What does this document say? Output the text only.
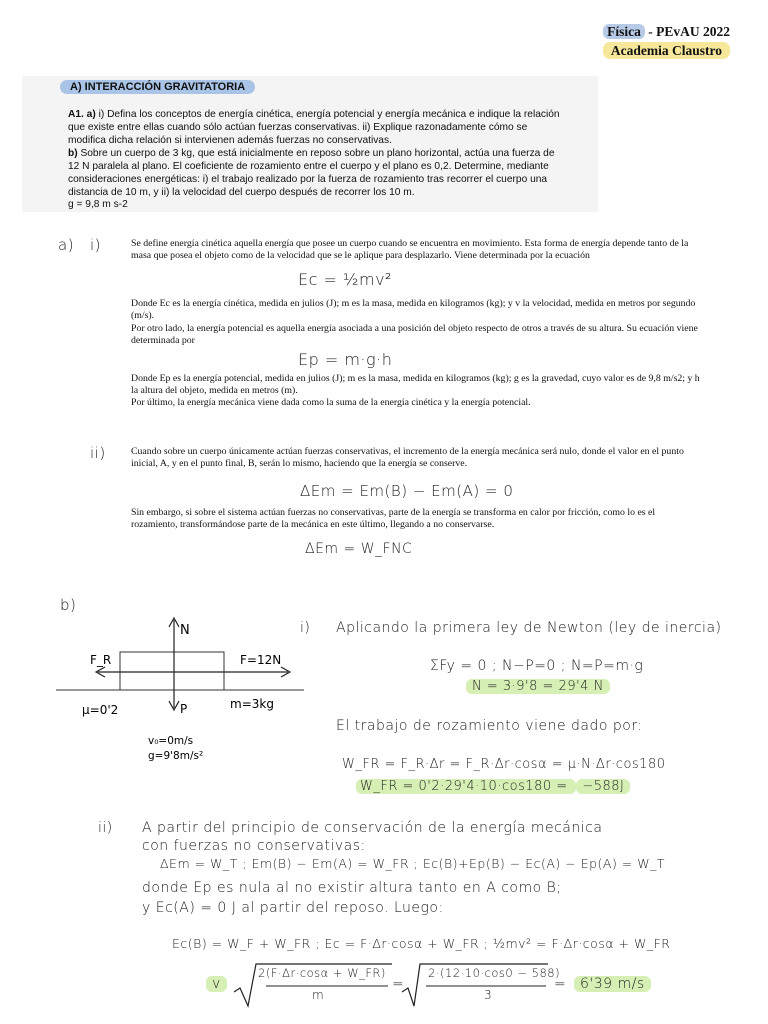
Física - PEvAU 2022
Academia Claustro
A) INTERACCIÓN GRAVITATORIA
A1. a) i) Defina los conceptos de energía cinética, energía potencial y energía mecánica e indique la relación que existe entre ellas cuando sólo actúan fuerzas conservativas. ii) Explique razonadamente cómo se modifica dicha relación si intervienen además fuerzas no conservativas.
b) Sobre un cuerpo de 3 kg, que está inicialmente en reposo sobre un plano horizontal, actúa una fuerza de 12 N paralela al plano. El coeficiente de rozamiento entre el cuerpo y el plano es 0,2. Determine, mediante consideraciones energéticas: i) el trabajo realizado por la fuerza de rozamiento tras recorrer el cuerpo una distancia de 10 m, y ii) la velocidad del cuerpo después de recorrer los 10 m.
g = 9,8 m s-2
a) i)	Se define energía cinética aquella energía que posee un cuerpo cuando se encuentra en movimiento. Esta forma de energía depende tanto de la masa que posea el objeto como de la velocidad que se le aplique para desplazarlo. Viene determinada por la ecuación
Ec = ½mv²
Donde Ec es la energía cinética, medida en julios (J); m es la masa, medida en kilogramos (kg); y v la velocidad, medida en metros por segundo (m/s).
Por otro lado, la energía potencial es aquella energía asociada a una posición del objeto respecto de otros a través de su altura. Su ecuación viene determinada por
Ep = m·g·h
Donde Ep es la energía potencial, medida en julios (J); m es la masa, medida en kilogramos (kg); g es la gravedad, cuyo valor es de 9,8 m/s2; y h la altura del objeto, medida en metros (m).
Por último, la energía mecánica viene dada como la suma de la energía cinética y la energía potencial.
ii)	Cuando sobre un cuerpo únicamente actúan fuerzas conservativas, el incremento de la energía mecánica será nulo, donde el valor en el punto inicial, A, y en el punto final, B, serán lo mismo, haciendo que la energía se conserve.
ΔEm = Em(B) − Em(A) = 0
Sin embargo, si sobre el sistema actúan fuerzas no conservativas, parte de la energía se transforma en calor por fricción, como lo es el rozamiento, transformándose parte de la mecánica en este último, llegando a no conservarse.
ΔEm = W_FNC
b)
N
F_R	F=12N
P
μ=0'2	m=3kg
v₀=0m/s
g=9'8m/s²
i) Aplicando la primera ley de Newton (ley de inercia)
ΣFy = 0 ; N−P=0 ; N=P=m·g
N = 3·9'8 = 29'4 N
El trabajo de rozamiento viene dado por:
W_FR = F_R·Δr = F_R·Δr·cosα = μ·N·Δr·cos180
W_FR = 0'2·29'4·10·cos180 = −588J
ii) A partir del principio de conservación de la energía mecánica
con fuerzas no conservativas:
ΔEm = W_T ; Em(B) − Em(A) = W_FR ; Ec(B)+Ep(B) − Ec(A) − Ep(A) = W_T
donde Ep es nula al no existir altura tanto en A como B;
y Ec(A) = 0 J al partir del reposo. Luego:
Ec(B) = W_F + W_FR ; Ec = F·Δr·cosα + W_FR ; ½mv² = F·Δr·cosα + W_FR
v
2(F·Δr·cosα + W_FR)
m
=
2·(12·10·cos0 − 588)
3
= 6'39 m/s
